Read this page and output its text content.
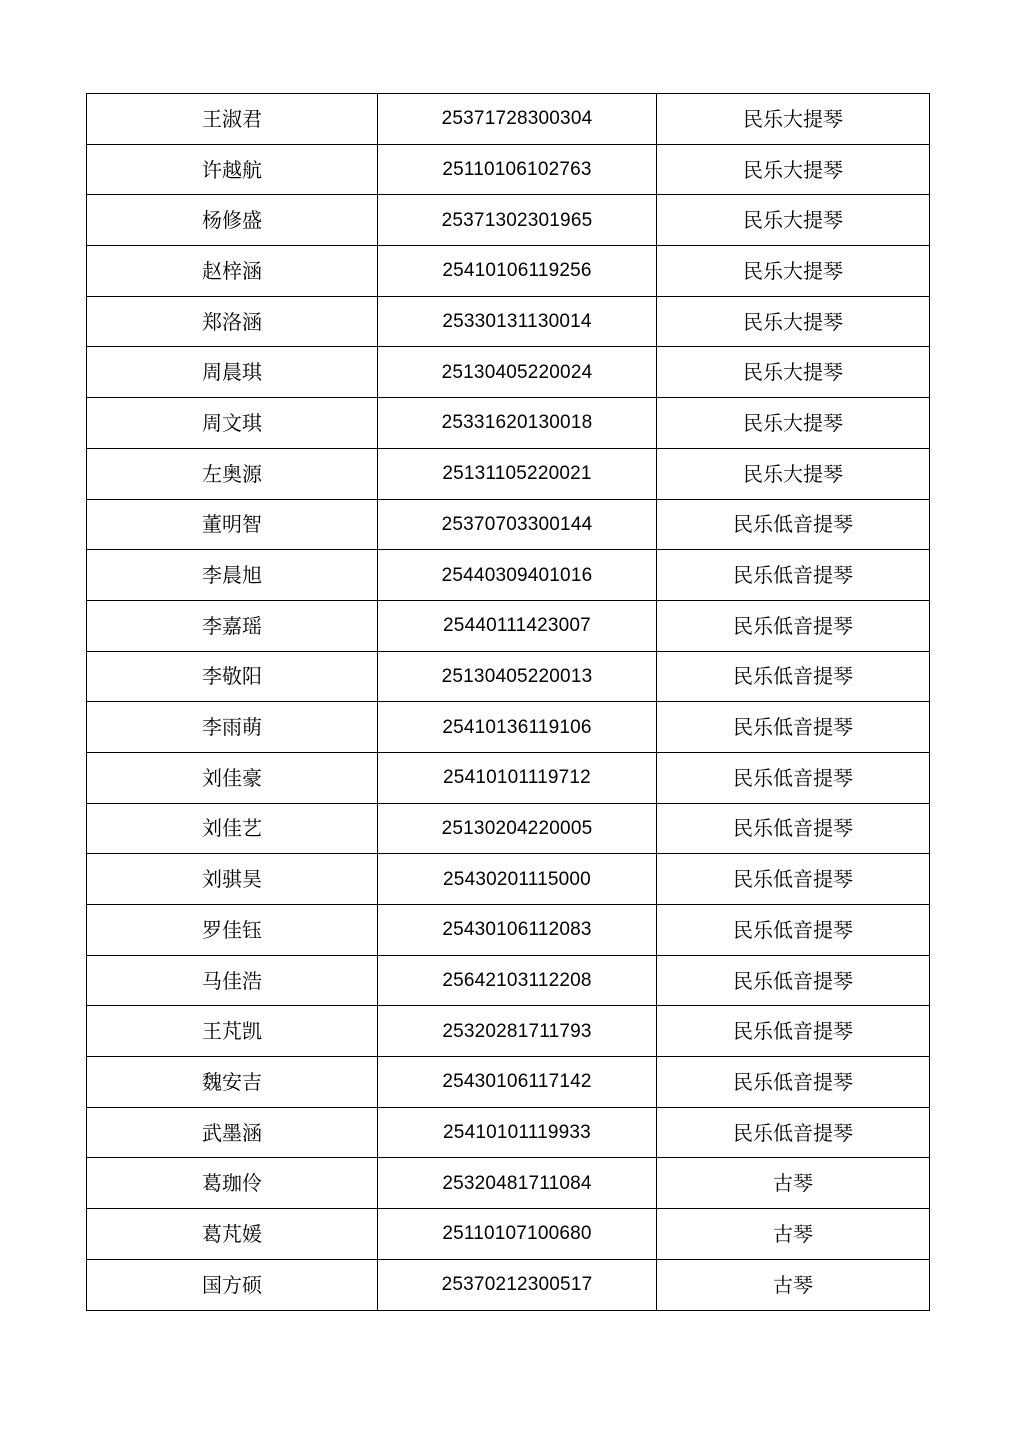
王淑君	25371728300304	民乐大提琴
许越航	25110106102763	民乐大提琴
杨修盛	25371302301965	民乐大提琴
赵梓涵	25410106119256	民乐大提琴
郑洛涵	25330131130014	民乐大提琴
周晨琪	25130405220024	民乐大提琴
周文琪	25331620130018	民乐大提琴
左奥源	25131105220021	民乐大提琴
董明智	25370703300144	民乐低音提琴
李晨旭	25440309401016	民乐低音提琴
李嘉瑶	25440111423007	民乐低音提琴
李敬阳	25130405220013	民乐低音提琴
李雨萌	25410136119106	民乐低音提琴
刘佳豪	25410101119712	民乐低音提琴
刘佳艺	25130204220005	民乐低音提琴
刘骐昊	25430201115000	民乐低音提琴
罗佳钰	25430106112083	民乐低音提琴
马佳浩	25642103112208	民乐低音提琴
王芃凯	25320281711793	民乐低音提琴
魏安吉	25430106117142	民乐低音提琴
武墨涵	25410101119933	民乐低音提琴
葛珈伶	25320481711084	古琴
葛芃媛	25110107100680	古琴
国方硕	25370212300517	古琴
